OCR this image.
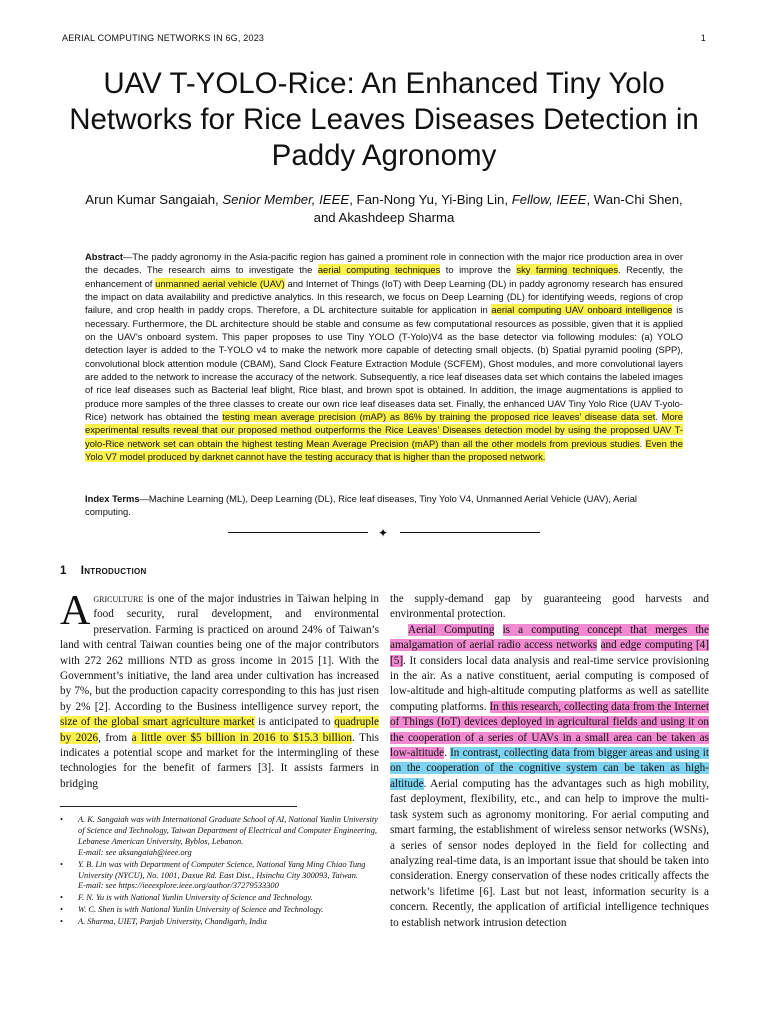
AERIAL COMPUTING NETWORKS IN 6G, 2023	1
UAV T-YOLO-Rice: An Enhanced Tiny Yolo Networks for Rice Leaves Diseases Detection in Paddy Agronomy
Arun Kumar Sangaiah, Senior Member, IEEE, Fan-Nong Yu, Yi-Bing Lin, Fellow, IEEE, Wan-Chi Shen,
and Akashdeep Sharma
Abstract—The paddy agronomy in the Asia-pacific region has gained a prominent role in connection with the major rice production area in over the decades. The research aims to investigate the aerial computing techniques to improve the sky farming techniques. Recently, the enhancement of unmanned aerial vehicle (UAV) and Internet of Things (IoT) with Deep Learning (DL) in paddy agronomy research has ensured the impact on data availability and predictive analytics. In this research, we focus on Deep Learning (DL) for identifying weeds, regions of crop failure, and crop health in paddy crops. Therefore, a DL architecture suitable for application in aerial computing UAV onboard intelligence is necessary. Furthermore, the DL architecture should be stable and consume as few computational resources as possible, given that it is applied on the UAV’s onboard system. This paper proposes to use Tiny YOLO (T-Yolo)V4 as the base detector via following modules: (a) YOLO detection layer is added to the T-YOLO v4 to make the network more capable of detecting small objects. (b) Spatial pyramid pooling (SPP), convolutional block attention module (CBAM), Sand Clock Feature Extraction Module (SCFEM), Ghost modules, and more convolutional layers are added to the network to increase the accuracy of the network. Subsequently, a rice leaf diseases data set which contains the labeled images of rice leaf diseases such as Bacterial leaf blight, Rice blast, and brown spot is obtained. In addition, the image augmentations is applied to produce more samples of the three classes to create our own rice leaf diseases data set. Finally, the enhanced UAV Tiny Yolo Rice (UAV T-yolo-Rice) network has obtained the testing mean average precision (mAP) as 86% by training the proposed rice leaves’ disease data set. More experimental results reveal that our proposed method outperforms the Rice Leaves’ Diseases detection model by using the proposed UAV T-yolo-Rice network set can obtain the highest testing Mean Average Precision (mAP) than all the other models from previous studies. Even the Yolo V7 model produced by darknet cannot have the testing accuracy that is higher than the proposed network.
Index Terms—Machine Learning (ML), Deep Learning (DL), Rice leaf diseases, Tiny Yolo V4, Unmanned Aerial Vehicle (UAV), Aerial computing.
✦
1 Introduction

Agriculture is one of the major industries in Taiwan helping in food security, rural development, and environmental preservation. Farming is practiced on around 24% of Taiwan’s land with central Taiwan counties being one of the major contributors with 272 262 millions NTD as gross income in 2015 [1]. With the Government’s initiative, the land area under cultivation has increased by 7%, but the production capacity corresponding to this has just risen by 2% [2]. According to the Business intelligence survey report, the size of the global smart agriculture market is anticipated to quadruple by 2026, from a little over $5 billion in 2016 to $15.3 billion. This indicates a potential scope and market for the intermingling of these technologies for the benefit of farmers [3]. It assists farmers in bridging

• A. K. Sangaiah was with International Graduate School of AI, National Yunlin University of Science and Technology, Taiwan Department of Electrical and Computer Engineering, Lebanese American University, Byblos, Lebanon.
E-mail: see aksangaiah@ieee.org
• Y. B. Lin was with Department of Computer Science, National Yang Ming Chiao Tung University (NYCU), No. 1001, Daxue Rd. East Dist., Hsinchu City 300093, Taiwan.
E-mail: see https://ieeexplore.ieee.org/author/37279533300
• F. N. Yu is with National Yunlin University of Science and Technology.
• W. C. Shen is with National Yunlin University of Science and Technology.
• A. Sharma, UIET, Panjab University, Chandigarh, India

the supply-demand gap by guaranteeing good harvests and environmental protection.

Aerial Computing is a computing concept that merges the amalgamation of aerial radio access networks and edge computing [4] [5]. It considers local data analysis and real-time service provisioning in the air. As a native constituent, aerial computing is composed of low-altitude and high-altitude computing platforms as well as satellite computing platforms. In this research, collecting data from the Internet of Things (IoT) devices deployed in agricultural fields and using it on the cooperation of a series of UAVs in a small area can be taken as low-altitude. In contrast, collecting data from bigger areas and using it on the cooperation of the cognitive system can be taken as high-altitude. Aerial computing has the advantages such as high mobility, fast deployment, flexibility, etc., and can help to improve the multi-task system such as agronomy monitoring. For aerial computing and smart farming, the establishment of wireless sensor networks (WSNs), a series of sensor nodes deployed in the field for collecting and analyzing real-time data, is an important issue that should be taken into consideration. Energy conservation of these nodes critically affects the network’s lifetime [6]. Last but not least, information security is a concern. Recently, the application of artificial intelligence techniques to establish network intrusion detection
